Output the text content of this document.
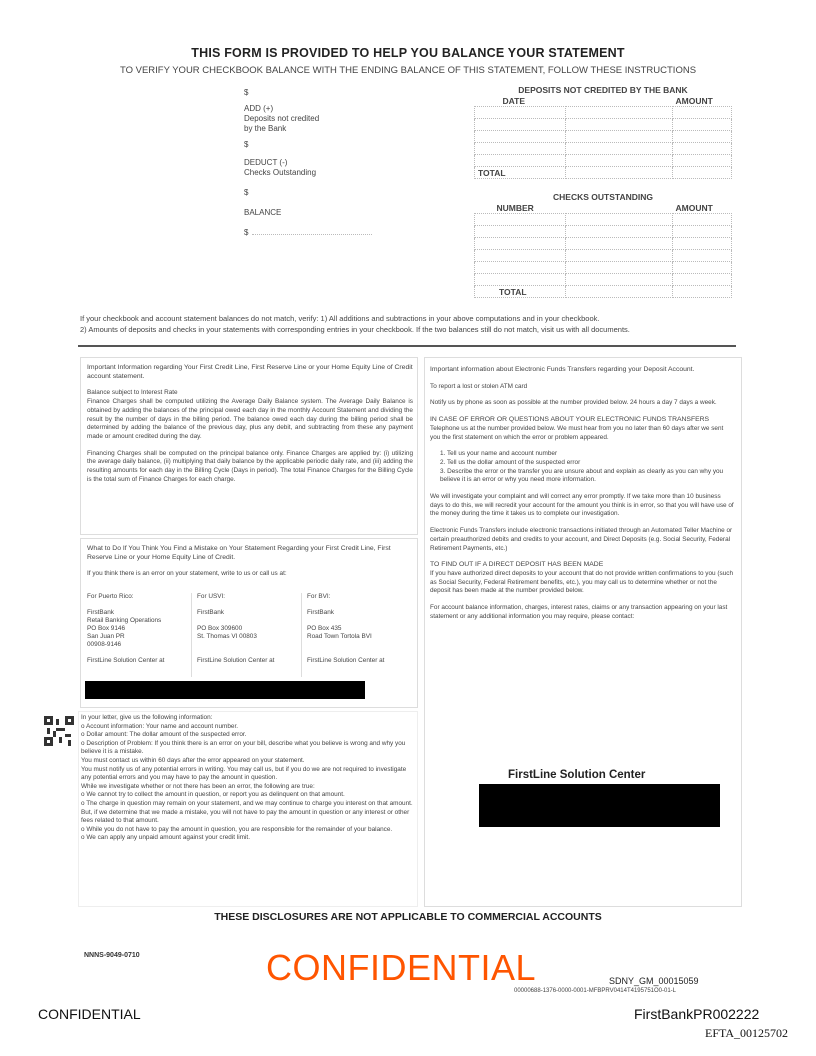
THIS FORM IS PROVIDED TO HELP YOU BALANCE YOUR STATEMENT
TO VERIFY YOUR CHECKBOOK BALANCE WITH THE ENDING BALANCE OF THIS STATEMENT, FOLLOW THESE INSTRUCTIONS
$
ADD (+)
Deposits not credited
by the Bank
$
DEDUCT (-)
Checks Outstanding
$
BALANCE
$
DEPOSITS NOT CREDITED BY THE BANK		
DATE		AMOUNT

TOTAL		
CHECKS OUTSTANDING		
NUMBER		AMOUNT

TOTAL		
If your checkbook and account statement balances do not match, verify: 1) All additions and subtractions in your above computations and in your checkbook.
2) Amounts of deposits and checks in your statements with corresponding entries in your checkbook. If the two balances still do not match, visit us with all documents.

Important Information regarding Your First Credit Line, First Reserve Line or your Home Equity Line of Credit account statement.

Balance subject to Interest Rate

Finance Charges shall be computed utilizing the Average Daily Balance system. The Average Daily Balance is obtained by adding the balances of the principal owed each day in the monthly Account Statement and dividing the result by the number of days in the billing period. The balance owed each day during the billing period shall be determined by adding the balance of the previous day, plus any debit, and subtracting from these any payment made or amount credited during the day.

Financing Charges shall be computed on the principal balance only. Finance Charges are applied by: (i) utilizing the average daily balance, (ii) multiplying that daily balance by the applicable periodic daily rate, and (iii) adding the resulting amounts for each day in the Billing Cycle (Days in period). The total Finance Charges for the Billing Cycle is the total sum of Finance Charges for each charge.

What to Do If You Think You Find a Mistake on Your Statement Regarding your First Credit Line, First Reserve Line or your Home Equity Line of Credit.

If you think there is an error on your statement, write to us or call us at:

For Puerto Rico:

FirstBank
Retail Banking Operations
PO Box 9146
San Juan PR
00908-9146

FirstLine Solution Center at
For USVI:

FirstBank

PO Box 309600
St. Thomas VI 00803

FirstLine Solution Center at
For BVI:

FirstBank

PO Box 435
Road Town Tortola BVI

FirstLine Solution Center at
In your letter, give us the following information:
o Account information: Your name and account number.
o Dollar amount: The dollar amount of the suspected error.
o Description of Problem: If you think there is an error on your bill, describe what you believe is wrong and why you believe it is a mistake.
You must contact us within 60 days after the error appeared on your statement.
You must notify us of any potential errors in writing. You may call us, but if you do we are not required to investigate any potential errors and you may have to pay the amount in question.
While we investigate whether or not there has been an error, the following are true:
o We cannot try to collect the amount in question, or report you as delinquent on that amount.
o The charge in question may remain on your statement, and we may continue to charge you interest on that amount. But, if we determine that we made a mistake, you will not have to pay the amount in question or any interest or other fees related to that amount.
o While you do not have to pay the amount in question, you are responsible for the remainder of your balance.
o We can apply any unpaid amount against your credit limit.

Important information about Electronic Funds Transfers regarding your Deposit Account.

To report a lost or stolen ATM card

Notify us by phone as soon as possible at the number provided below. 24 hours a day 7 days a week.

IN CASE OF ERROR OR QUESTIONS ABOUT YOUR ELECTRONIC FUNDS TRANSFERS

Telephone us at the number provided below. We must hear from you no later than 60 days after we sent you the first statement on which the error or problem appeared.

1. Tell us your name and account number
2. Tell us the dollar amount of the suspected error

3. Describe the error or the transfer you are unsure about and explain as clearly as you can why you believe it is an error or why you need more information.

We will investigate your complaint and will correct any error promptly. If we take more than 10 business days to do this, we will recredit your account for the amount you think is in error, so that you will have use of the money during the time it takes us to complete our investigation.

Electronic Funds Transfers include electronic transactions initiated through an Automated Teller Machine or certain preauthorized debits and credits to your account, and Direct Deposits (e.g. Social Security, Federal Retirement Payments, etc.)

TO FIND OUT IF A DIRECT DEPOSIT HAS BEEN MADE

If you have authorized direct deposits to your account that do not provide written confirmations to you (such as Social Security, Federal Retirement benefits, etc.), you may call us to determine whether or not the deposit has been made at the number provided below.

For account balance information, charges, interest rates, claims or any transaction appearing on your last statement or any additional information you may require, please contact:

FirstLine Solution Center
THESE DISCLOSURES ARE NOT APPLICABLE TO COMMERCIAL ACCOUNTS
NNNS-9049-0710	CONFIDENTIAL	SDNY_GM_00015059
00000688-1376-0000-0001-MFBPRV0414T4195751O0-01-L
CONFIDENTIAL	FirstBankPR002222
EFTA_00125702
